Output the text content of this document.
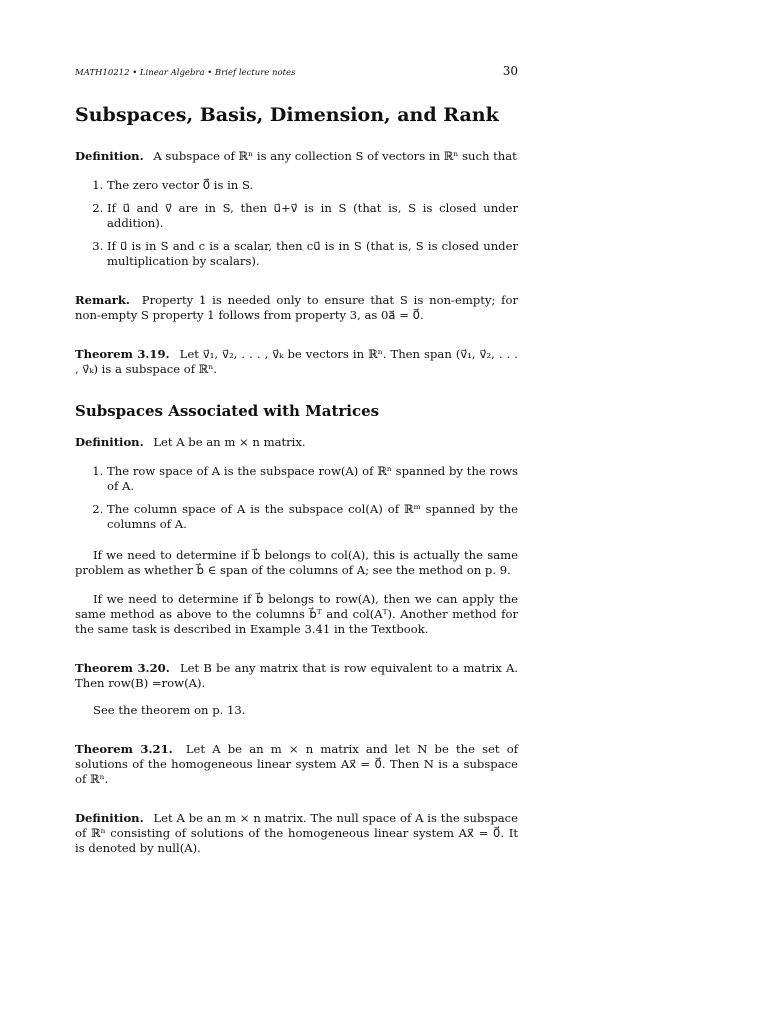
MATH10212 • Linear Algebra • Brief lecture notes	30
Subspaces, Basis, Dimension, and Rank

Definition. A subspace of ℝⁿ is any collection S of vectors in ℝⁿ such that

1. The zero vector 0⃗ is in S.
2. If u⃗ and v⃗ are in S, then u⃗+v⃗ is in S (that is, S is closed under addition).
3. If u⃗ is in S and c is a scalar, then cu⃗ is in S (that is, S is closed under multiplication by scalars).

Remark. Property 1 is needed only to ensure that S is non-empty; for non-empty S property 1 follows from property 3, as 0a⃗ = 0⃗.

Theorem 3.19. Let v⃗₁, v⃗₂, . . . , v⃗ₖ be vectors in ℝⁿ. Then span (v⃗₁, v⃗₂, . . . , v⃗ₖ) is a subspace of ℝⁿ.

Subspaces Associated with Matrices

Definition. Let A be an m × n matrix.

1. The row space of A is the subspace row(A) of ℝⁿ spanned by the rows of A.
2. The column space of A is the subspace col(A) of ℝᵐ spanned by the columns of A.

If we need to determine if b⃗ belongs to col(A), this is actually the same problem as whether b⃗ ∈ span of the columns of A; see the method on p. 9.

If we need to determine if b⃗ belongs to row(A), then we can apply the same method as above to the columns b⃗ᵀ and col(Aᵀ). Another method for the same task is described in Example 3.41 in the Textbook.

Theorem 3.20. Let B be any matrix that is row equivalent to a matrix A. Then row(B) =row(A).

See the theorem on p. 13.

Theorem 3.21. Let A be an m × n matrix and let N be the set of solutions of the homogeneous linear system Ax⃗ = 0⃗. Then N is a subspace of ℝⁿ.

Definition. Let A be an m × n matrix. The null space of A is the subspace of ℝⁿ consisting of solutions of the homogeneous linear system Ax⃗ = 0⃗. It is denoted by null(A).
